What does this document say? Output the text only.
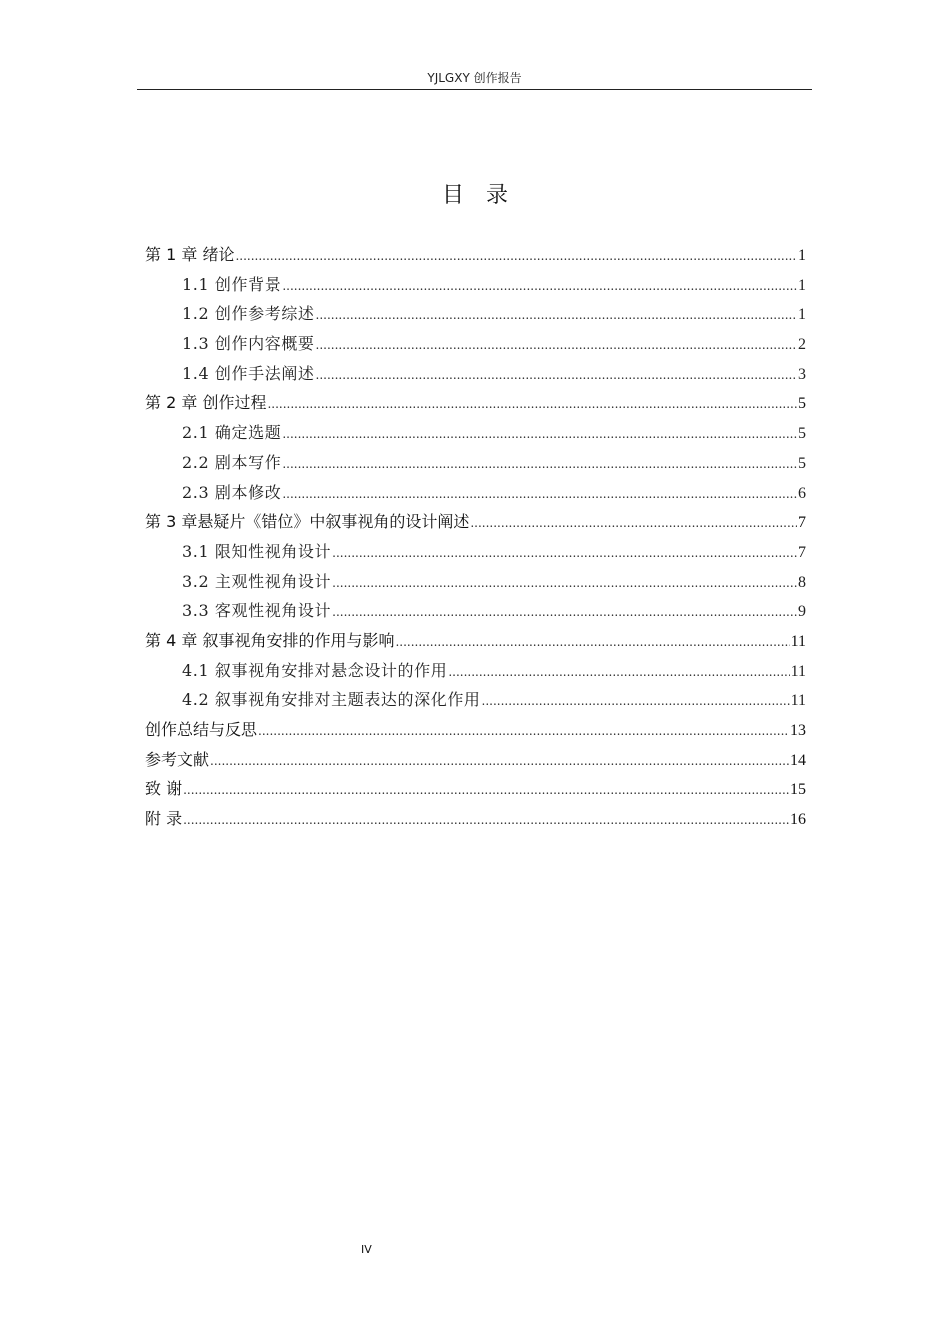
YJLGXY 创作报告
目录
第 1 章 绪论 .....	1
1.1 创作背景 .....	1
1.2 创作参考综述 .....	1
1.3 创作内容概要 .....	2
1.4 创作手法阐述 .....	3
第 2 章 创作过程 .....	5
2.1 确定选题 .....	5
2.2 剧本写作 .....	5
2.3 剧本修改 .....	6
第 3 章悬疑片《错位》中叙事视角的设计阐述 .....	7
3.1 限知性视角设计 .....	7
3.2 主观性视角设计 .....	8
3.3 客观性视角设计 .....	9
第 4 章 叙事视角安排的作用与影响 .....	11
4.1 叙事视角安排对悬念设计的作用 .....	11
4.2 叙事视角安排对主题表达的深化作用 .....	11
创作总结与反思 .....	13
参考文献 .....	14
致 谢 .....	15
附 录 .....	16
IV
